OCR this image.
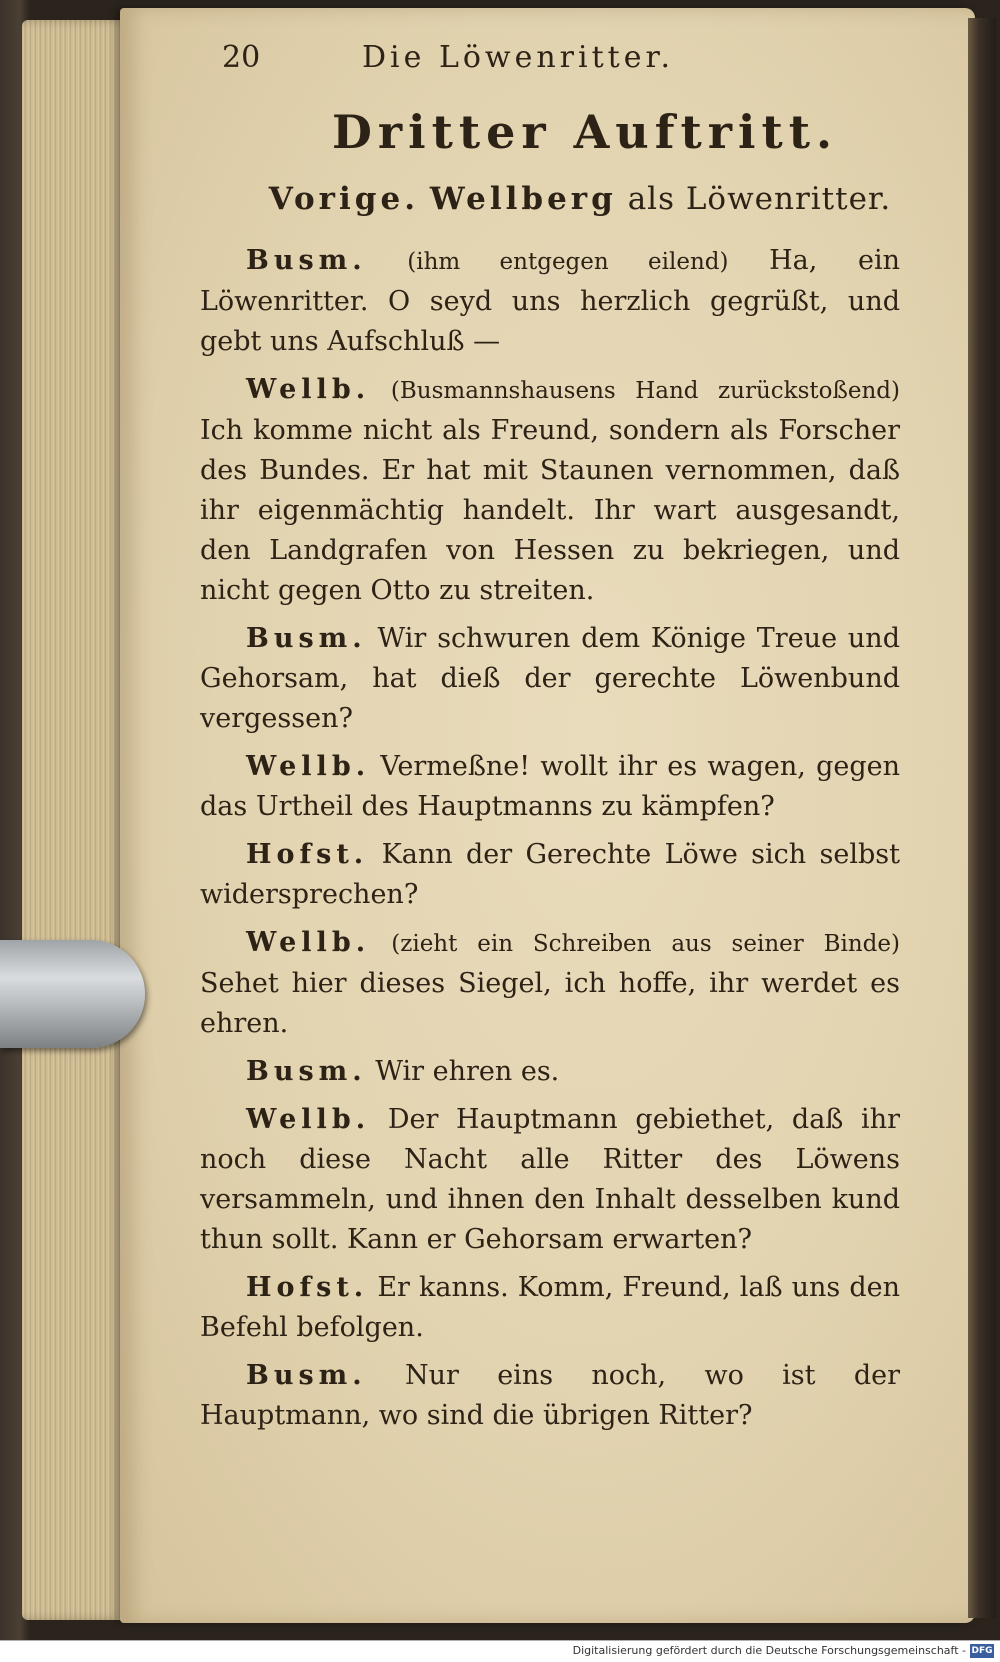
20	Die Löwenritter.
Dritter Auftritt.
Vorige. Wellberg als Löwenritter.

Busm. (ihm entgegen eilend) Ha, ein Löwenritter. O seyd uns herzlich gegrüßt, und gebt uns Aufschluß —

Wellb. (Busmannshausens Hand zurückstoßend) Ich komme nicht als Freund, sondern als Forscher des Bundes. Er hat mit Staunen vernommen, daß ihr eigenmächtig handelt. Ihr wart ausgesandt, den Landgrafen von Hessen zu bekriegen, und nicht gegen Otto zu streiten.

Busm. Wir schwuren dem Könige Treue und Gehorsam, hat dieß der gerechte Löwenbund vergessen?

Wellb. Vermeßne! wollt ihr es wagen, gegen das Urtheil des Hauptmanns zu kämpfen?

Hofst. Kann der Gerechte Löwe sich selbst widersprechen?

Wellb. (zieht ein Schreiben aus seiner Binde) Sehet hier dieses Siegel, ich hoffe, ihr werdet es ehren.

Busm. Wir ehren es.

Wellb. Der Hauptmann gebiethet, daß ihr noch diese Nacht alle Ritter des Löwens versammeln, und ihnen den Inhalt desselben kund thun sollt. Kann er Gehorsam erwarten?

Hofst. Er kanns. Komm, Freund, laß uns den Befehl befolgen.

Busm. Nur eins noch, wo ist der Hauptmann, wo sind die übrigen Ritter?

Digitalisierung gefördert durch die Deutsche Forschungsgemeinschaft - DFG
